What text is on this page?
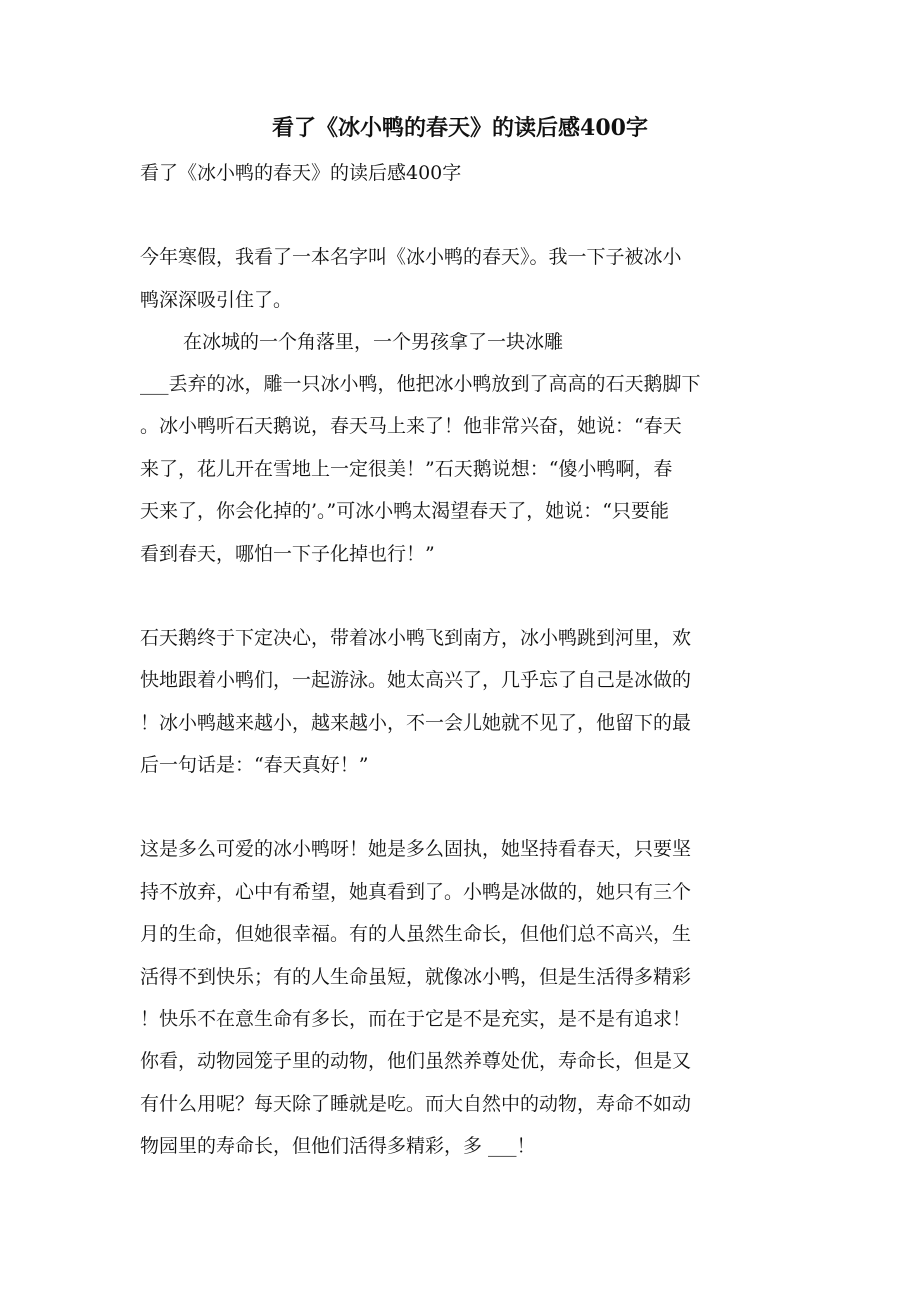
看了《冰小鸭的春天》的读后感400字
看了《冰小鸭的春天》的读后感400字
今年寒假，我看了一本名字叫《冰小鸭的春天》。我一下子被冰小
鸭深深吸引住了。
在冰城的一个角落里，一个男孩拿了一块冰雕
___丢弃的冰，雕一只冰小鸭，他把冰小鸭放到了高高的石天鹅脚下
。冰小鸭听石天鹅说，春天马上来了！他非常兴奋，她说：“春天
来了，花儿开在雪地上一定很美！”石天鹅说想：“傻小鸭啊，春
天来了，你会化掉的’。”可冰小鸭太渴望春天了，她说：“只要能
看到春天，哪怕一下子化掉也行！”
石天鹅终于下定决心，带着冰小鸭飞到南方，冰小鸭跳到河里，欢
快地跟着小鸭们，一起游泳。她太高兴了，几乎忘了自己是冰做的
！冰小鸭越来越小，越来越小，不一会儿她就不见了，他留下的最
后一句话是：“春天真好！”
这是多么可爱的冰小鸭呀！她是多么固执，她坚持看春天，只要坚
持不放弃，心中有希望，她真看到了。小鸭是冰做的，她只有三个
月的生命，但她很幸福。有的人虽然生命长，但他们总不高兴，生
活得不到快乐；有的人生命虽短，就像冰小鸭，但是生活得多精彩
！快乐不在意生命有多长，而在于它是不是充实，是不是有追求！
你看，动物园笼子里的动物，他们虽然养尊处优，寿命长，但是又
有什么用呢？每天除了睡就是吃。而大自然中的动物，寿命不如动
物园里的寿命长，但他们活得多精彩，多 ___！
